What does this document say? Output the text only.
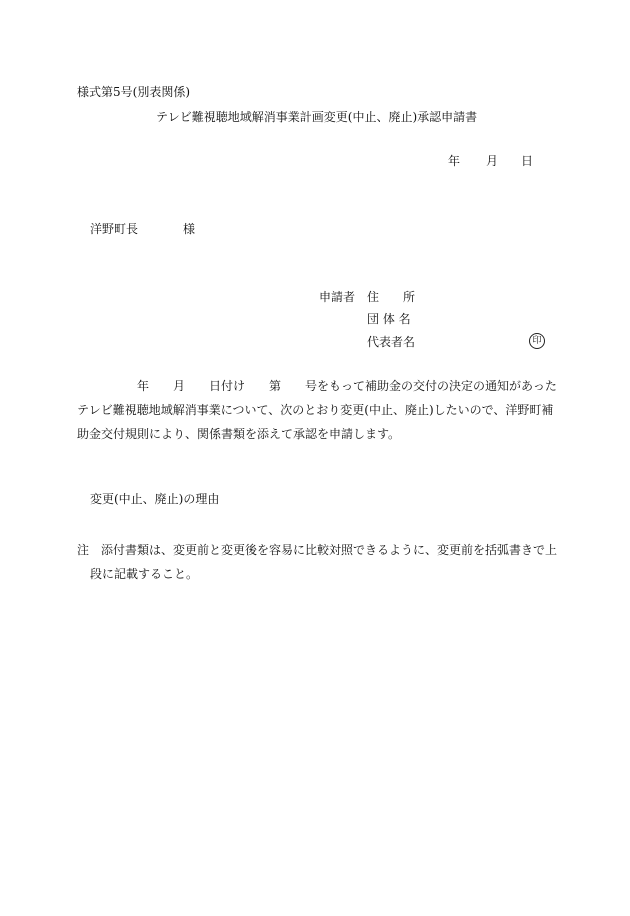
様式第5号(別表関係)
テレビ難視聴地域解消事業計画変更(中止、廃止)承認申請書
年 月 日
洋野町長	様
申請者 住　　所
団 体 名
代表者名	印
　　　　　年　　月　　日付け　　第　　号をもって補助金の交付の決定の通知があった
テレビ難視聴地域解消事業について、次のとおり変更(中止、廃止)したいので、洋野町補
助金交付規則により、関係書類を添えて承認を申請します。
変更(中止、廃止)の理由
注　添付書類は、変更前と変更後を容易に比較対照できるように、変更前を括弧書きで上
段に記載すること。
